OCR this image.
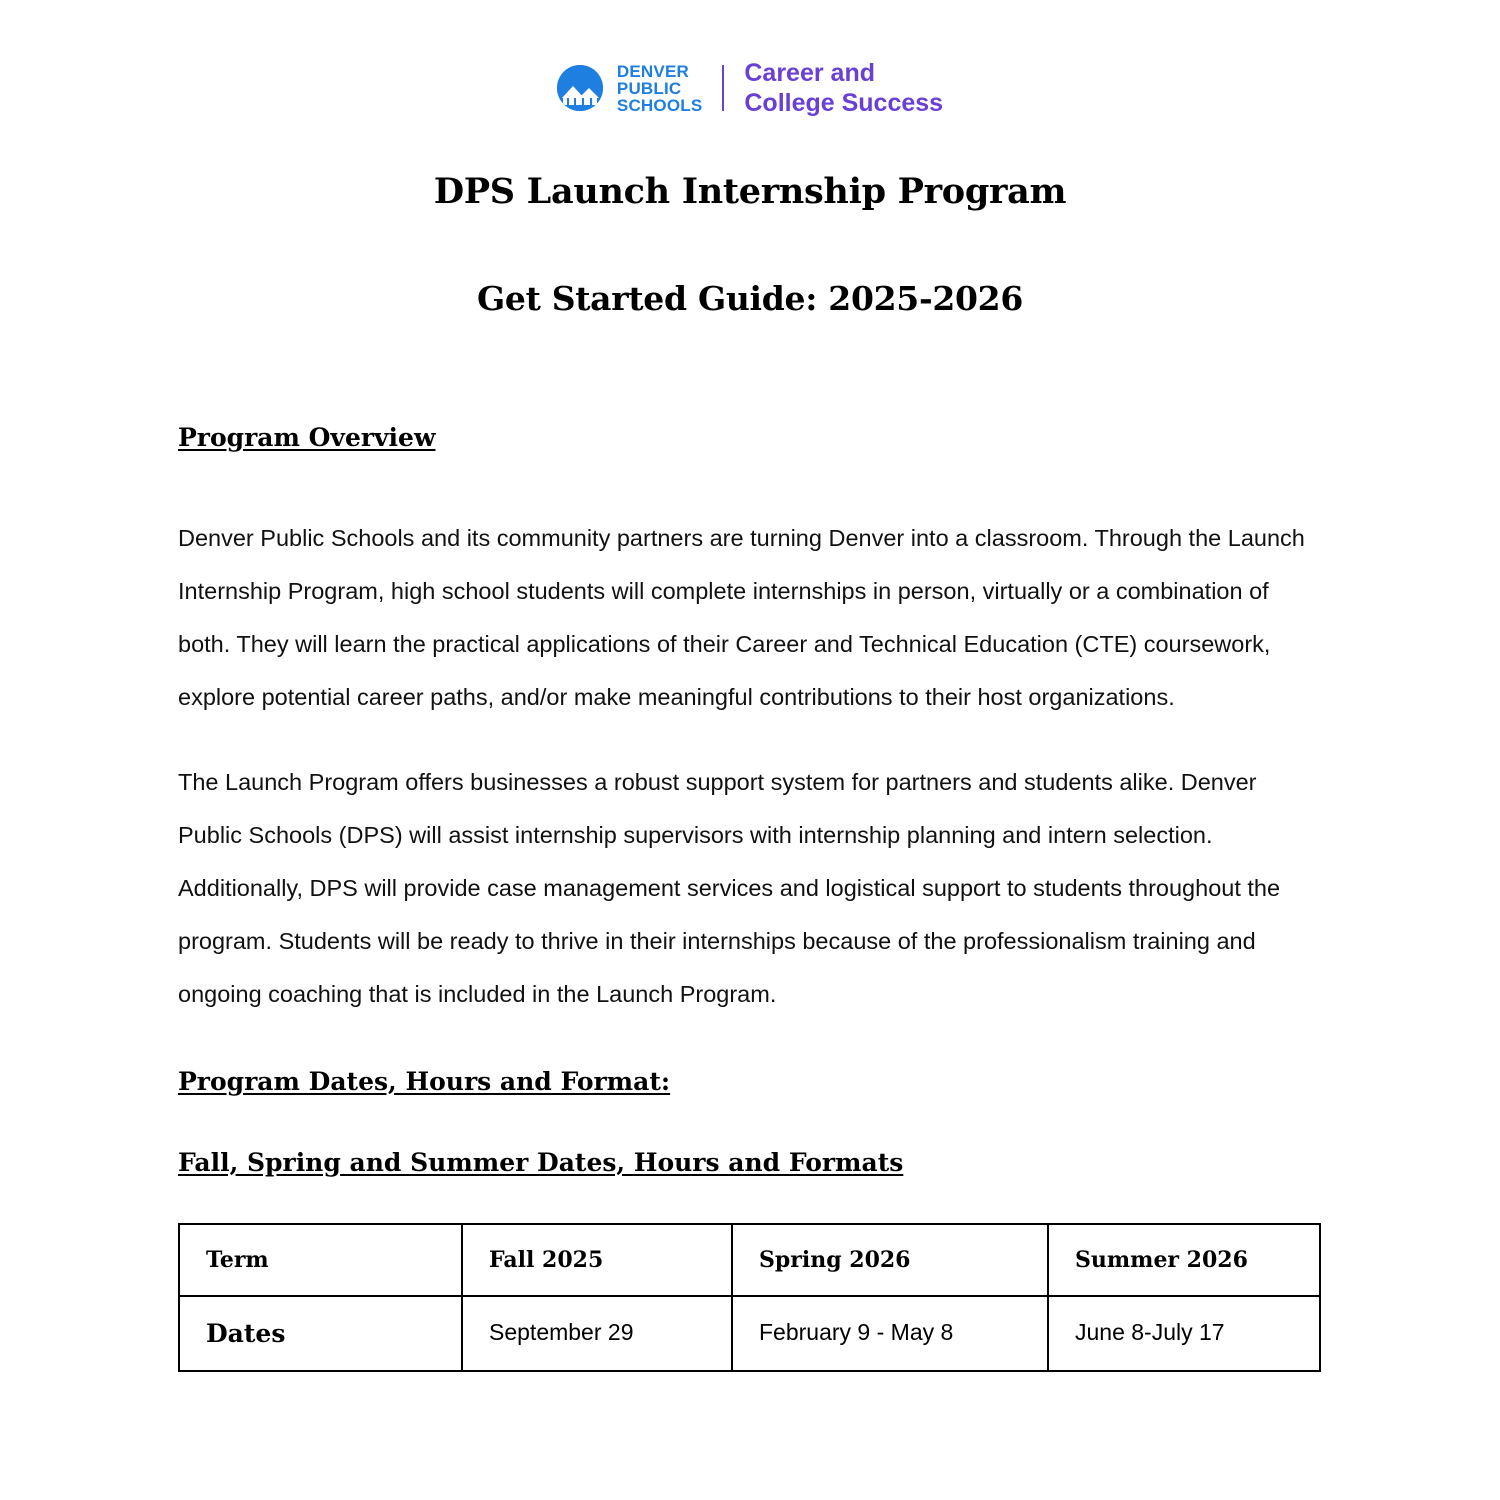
DENVER
PUBLIC
SCHOOLS
Career and
College Success
DPS Launch Internship Program
Get Started Guide: 2025-2026
Program Overview

Denver Public Schools and its community partners are turning Denver into a classroom. Through the Launch Internship Program, high school students will complete internships in person, virtually or a combination of both. They will learn the practical applications of their Career and Technical Education (CTE) coursework, explore potential career paths, and/or make meaningful contributions to their host organizations.

The Launch Program offers businesses a robust support system for partners and students alike. Denver Public Schools (DPS) will assist internship supervisors with internship planning and intern selection. Additionally, DPS will provide case management services and logistical support to students throughout the program. Students will be ready to thrive in their internships because of the professionalism training and ongoing coaching that is included in the Launch Program.

Program Dates, Hours and Format:
Fall, Spring and Summer Dates, Hours and Formats
Term	Fall 2025	Spring 2026	Summer 2026
Dates	September 29	February 9 - May 8	June 8-July 17
